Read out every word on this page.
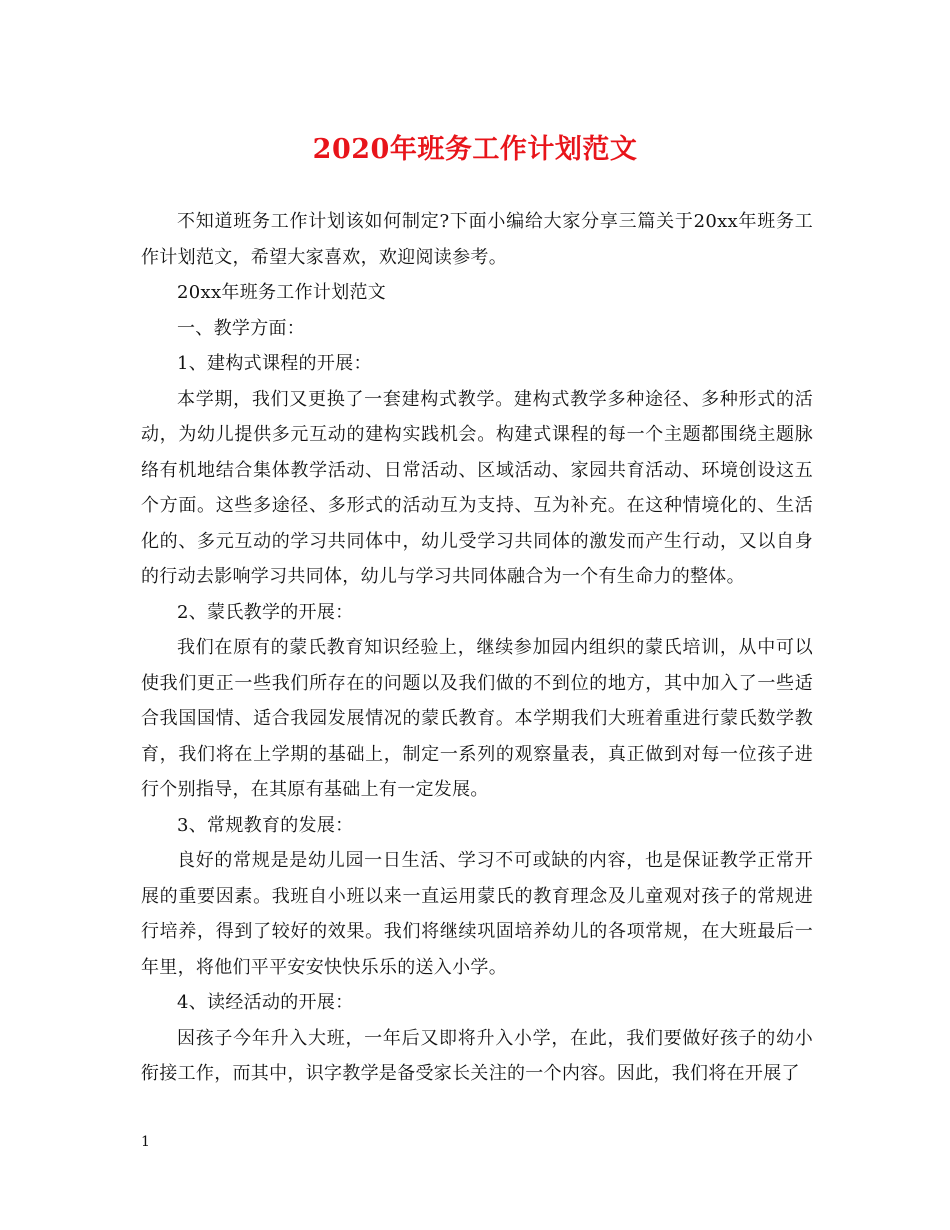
2020年班务工作计划范文

不知道班务工作计划该如何制定?下面小编给大家分享三篇关于20xx年班务工作计划范文，希望大家喜欢，欢迎阅读参考。

20xx年班务工作计划范文

一、教学方面：

1、建构式课程的开展：

本学期，我们又更换了一套建构式教学。建构式教学多种途径、多种形式的活动，为幼儿提供多元互动的建构实践机会。构建式课程的每一个主题都围绕主题脉络有机地结合集体教学活动、日常活动、区域活动、家园共育活动、环境创设这五个方面。这些多途径、多形式的活动互为支持、互为补充。在这种情境化的、生活化的、多元互动的学习共同体中，幼儿受学习共同体的激发而产生行动，又以自身的行动去影响学习共同体，幼儿与学习共同体融合为一个有生命力的整体。

2、蒙氏教学的开展：

我们在原有的蒙氏教育知识经验上，继续参加园内组织的蒙氏培训，从中可以使我们更正一些我们所存在的问题以及我们做的不到位的地方，其中加入了一些适合我国国情、适合我园发展情况的蒙氏教育。本学期我们大班着重进行蒙氏数学教育，我们将在上学期的基础上，制定一系列的观察量表，真正做到对每一位孩子进行个别指导，在其原有基础上有一定发展。

3、常规教育的发展：

良好的常规是是幼儿园一日生活、学习不可或缺的内容，也是保证教学正常开展的重要因素。我班自小班以来一直运用蒙氏的教育理念及儿童观对孩子的常规进行培养，得到了较好的效果。我们将继续巩固培养幼儿的各项常规，在大班最后一年里，将他们平平安安快快乐乐的送入小学。

4、读经活动的开展：

因孩子今年升入大班，一年后又即将升入小学，在此，我们要做好孩子的幼小衔接工作，而其中，识字教学是备受家长关注的一个内容。因此，我们将在开展了

1
